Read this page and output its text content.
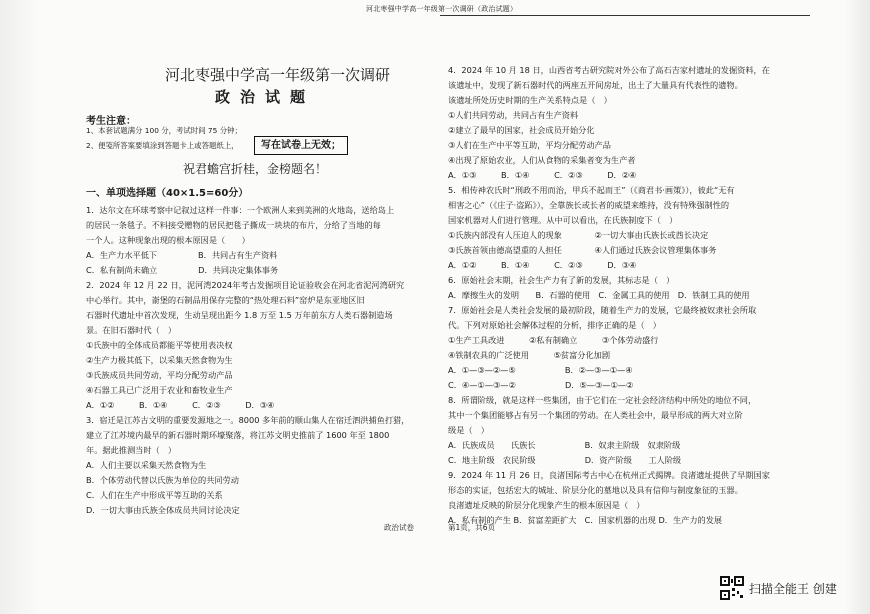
河北枣强中学高一年级第一次调研（政治试题）
河北枣强中学高一年级第一次调研
政治试题
考生注意：
1、本套试题满分 100 分，考试时间 75 分钟；
2、便笺所答案要填涂到答题卡上或答题纸上，	写在试卷上无效；
祝君蟾宫折桂，金榜题名！
一、单项选择题（40×1.5=60分）
1．达尔文在环球考察中记叙过这样一件事：一个欧洲人来到美洲的火地岛，送给岛上
的居民一条毯子。不料接受赠物的居民把毯子撕成一块块的布片，分给了当地的每
一个人。这种现象出现的根本原因是（　　）
A．生产力水平低下　　　　　B．共同占有生产资料
C．私有制尚未确立　　　　　D．共同决定集体事务
2．2024 年 12 月 22 日，泥河湾2024年考古发掘项目论证验收会在河北省泥河湾研究
中心举行。其中，嵛堡的石制品用保存完整的“热处理石料”窑炉是东亚地区旧
石器时代遗址中首次发现，生动呈现出距今 1.8 万至 1.5 万年前东方人类石器制造场
景。在旧石器时代（　）
①氏族中的全体成员都能平等使用表决权
②生产力极其低下，以采集天然食物为生
③氏族成员共同劳动，平均分配劳动产品
④石器工具已广泛用于农业和畜牧业生产
A．①②　　　B．①④　　　C．②③　　　D．③④
3．宿迁是江苏古文明的重要发源地之一。8000 多年前的顺山集人在宿迁泗洪捕鱼打猎，
建立了江苏境内最早的新石器时期环壕聚落，将江苏文明史推前了 1600 年至 1800
年。据此推测当时（　）
A．人们主要以采集天然食物为生
B．个体劳动代替以氏族为单位的共同劳动
C．人们在生产中形成平等互助的关系
D．一切大事由氏族全体成员共同讨论决定
4．2024 年 10 月 18 日，山西省考古研究院对外公布了高石吉家村遗址的发掘资料，在
该遗址中，发现了新石器时代的两座五开间房址，出土了大量具有代表性的遗物。
该遗址所处历史时期的生产关系特点是（　）
①人们共同劳动，共同占有生产资料
②建立了最早的国家，社会成员开始分化
③人们在生产中平等互助，平均分配劳动产品
④出现了原始农业，人们从食物的采集者变为生产者
A．①③　　　B．①④　　　C．②③　　　D．②④
5．相传神农氏时“刑政不用而治，甲兵不起而王”（《商君书·画策》），彼此“无有
相害之心”（《庄子·盗跖》），全靠族长或长者的威望来维持，没有特殊强制性的
国家机器对人们进行管理。从中可以看出，在氏族制度下（　）
①氏族内部没有人压迫人的现象　　　　②一切大事由氏族长或酋长决定
③氏族首领由德高望重的人担任　　　　④人们通过氏族会议管理集体事务
A．①②　　　B．①④　　　C．②③　　　D．③④
6．原始社会末期，社会生产力有了新的发展，其标志是（　）
A．摩擦生火的发明　　B．石器的使用　C．金属工具的使用　D．铁制工具的使用
7．原始社会是人类社会发展的最初阶段，随着生产力的发展，它最终被奴隶社会所取
代。下列对原始社会解体过程的分析，排序正确的是（　）
①生产工具改进　　　②私有制确立　　　③个体劳动盛行
④铁制农具的广泛使用　　　⑤贫富分化加剧
A．①—③—②—⑤　　　　　　B．②—③—①—④
C．④—①—③—②　　　　　　D．⑤—③—①—②
8．所谓阶级，就是这样一些集团，由于它们在一定社会经济结构中所处的地位不同，
其中一个集团能够占有另一个集团的劳动。在人类社会中，最早形成的两大对立阶
级是（　）
A．氏族成员　　氏族长　　　　　　B．奴隶主阶级　奴隶阶级
C．地主阶级　农民阶级　　　　　　D．资产阶级　　工人阶级
9．2024 年 11 月 26 日，良渚国际考古中心在杭州正式揭牌。良渚遗址提供了早期国家
形态的实证，包括宏大的城址、阶层分化的墓地以及具有信仰与制度象征的玉器。
良渚遗址反映的阶层分化现象产生的根本原因是（　）
A．私有制的产生 B．贫富差距扩大　C．国家机器的出现 D．生产力的发展
政治试卷	第1页，共6页
扫描全能王 创建
